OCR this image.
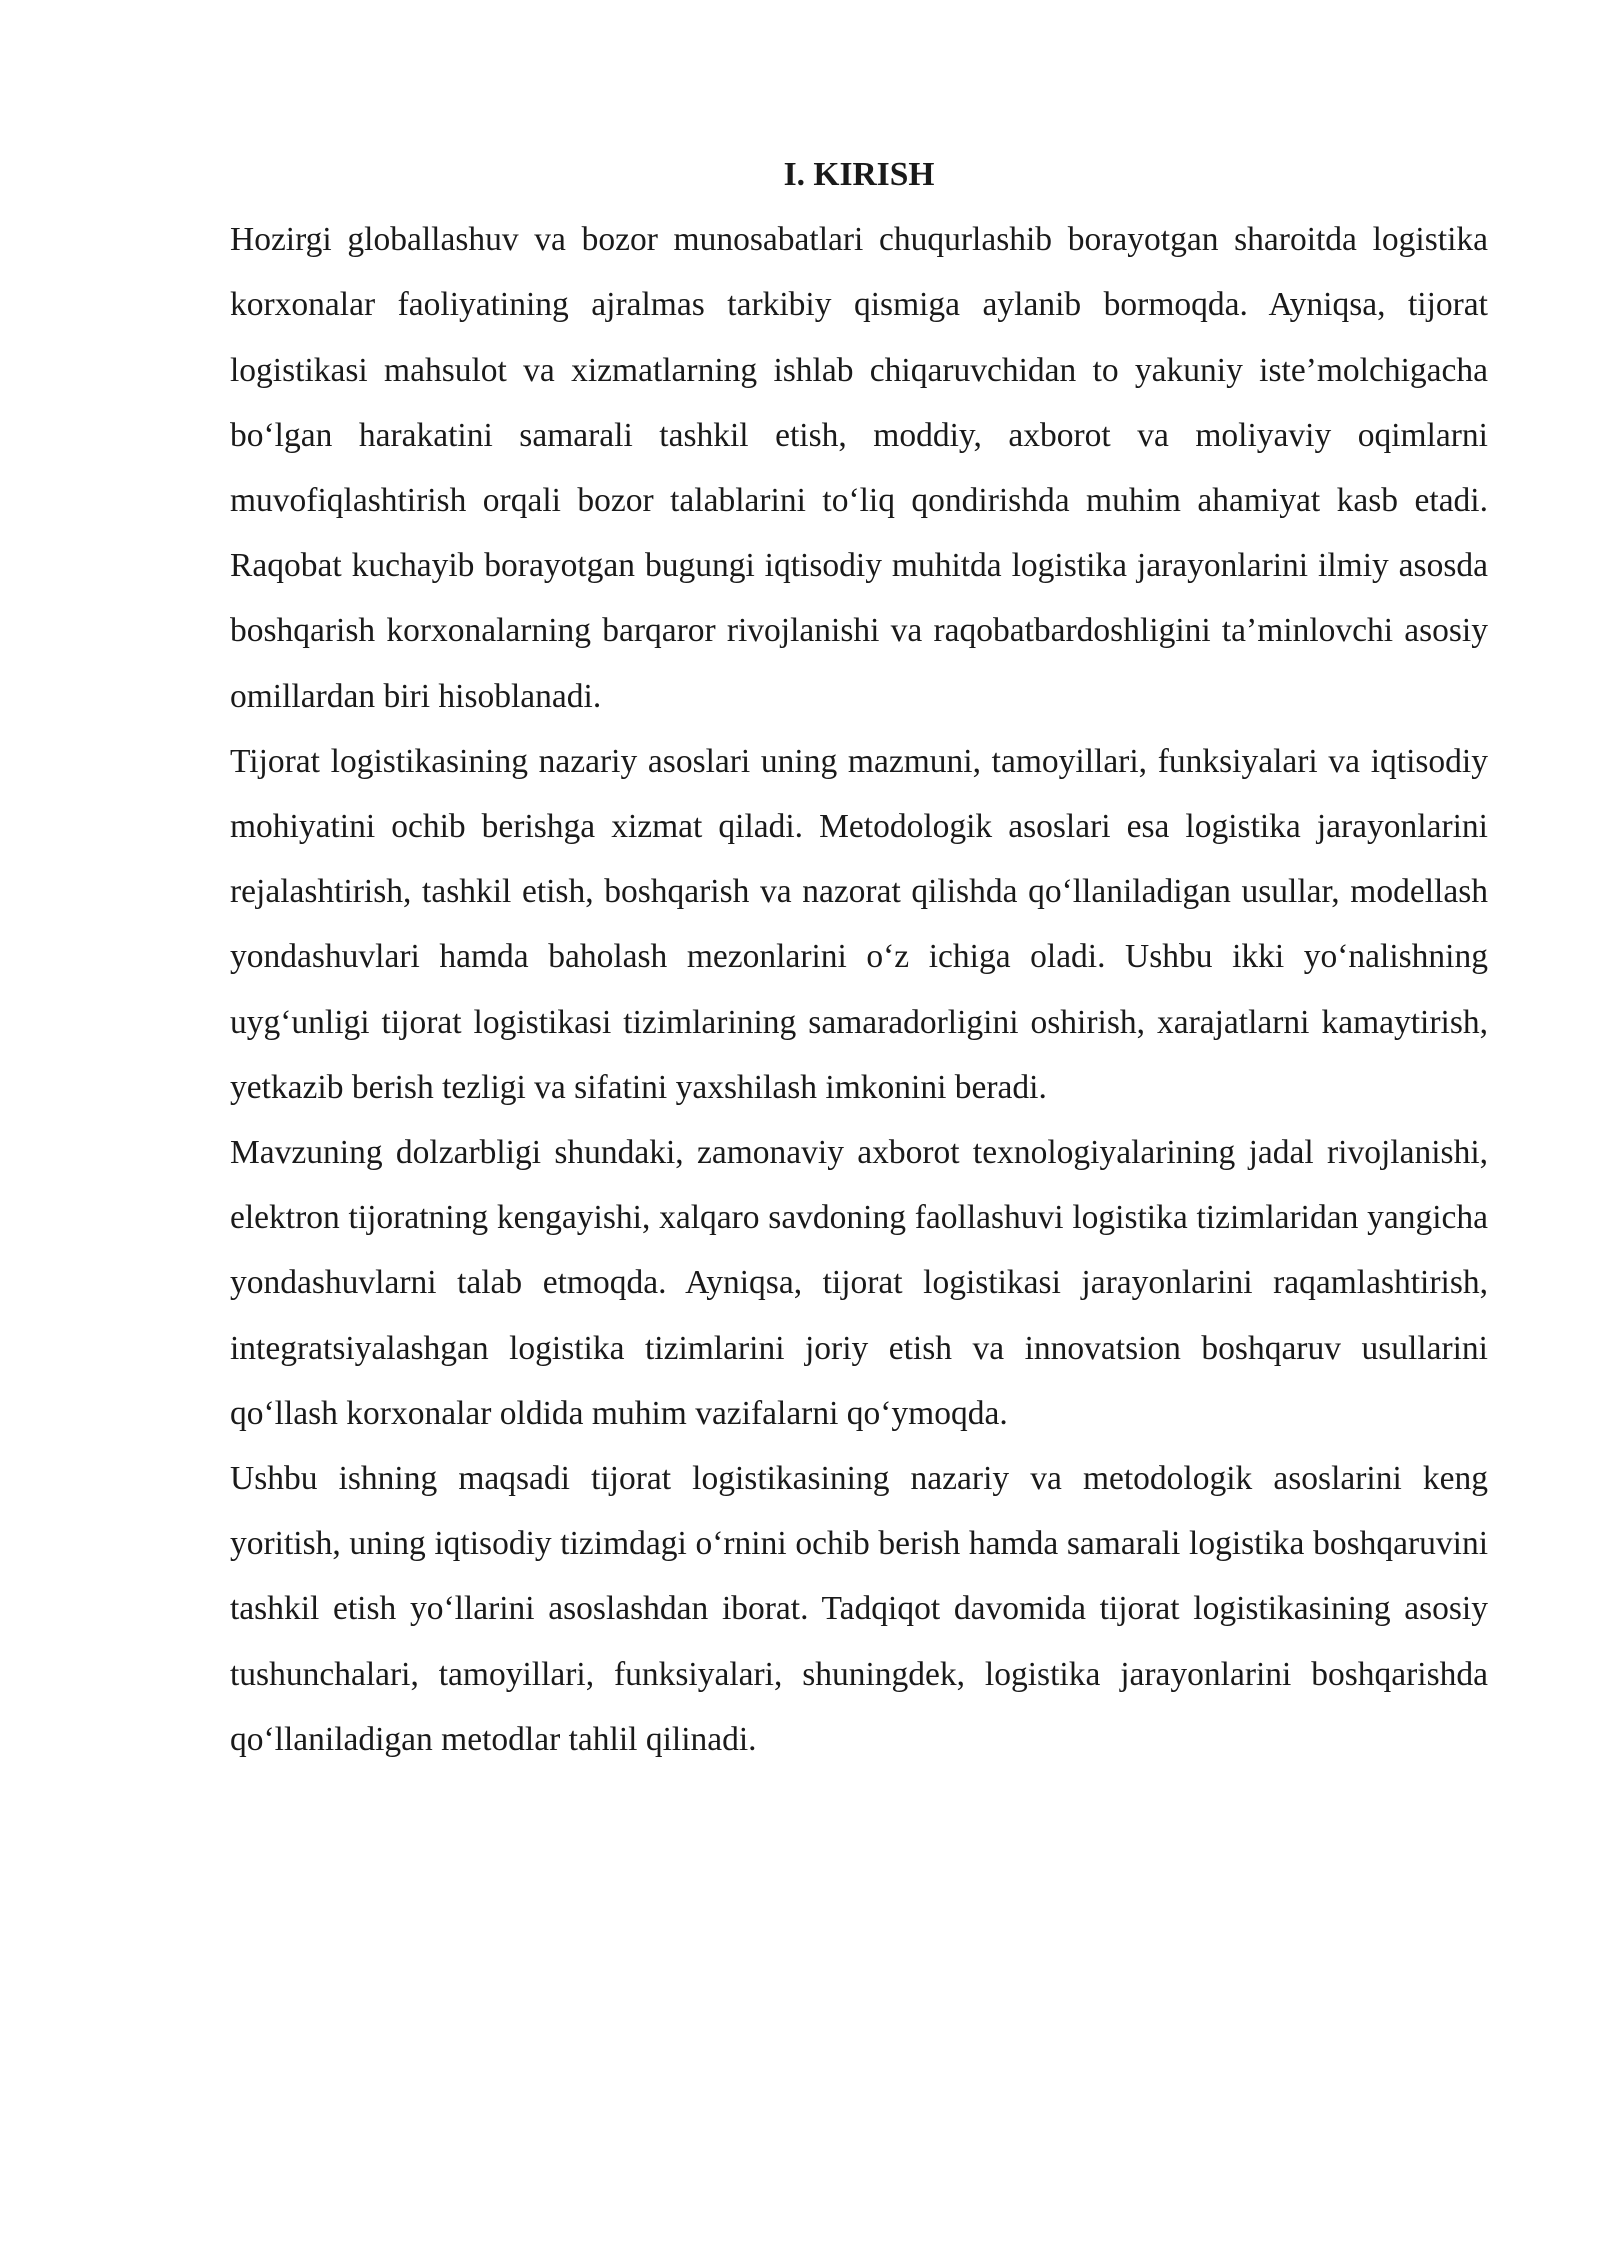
I. KIRISH

Hozirgi globallashuv va bozor munosabatlari chuqurlashib borayotgan sharoitda logistika korxonalar faoliyatining ajralmas tarkibiy qismiga aylanib bormoqda. Ayniqsa, tijorat logistikasi mahsulot va xizmatlarning ishlab chiqaruvchidan to yakuniy iste’molchigacha bo‘lgan harakatini samarali tashkil etish, moddiy, axborot va moliyaviy oqimlarni muvofiqlashtirish orqali bozor talablarini to‘liq qondirishda muhim ahamiyat kasb etadi. Raqobat kuchayib borayotgan bugungi iqtisodiy muhitda logistika jarayonlarini ilmiy asosda boshqarish korxonalarning barqaror rivojlanishi va raqobatbardoshligini ta’minlovchi asosiy omillardan biri hisoblanadi.

Tijorat logistikasining nazariy asoslari uning mazmuni, tamoyillari, funksiyalari va iqtisodiy mohiyatini ochib berishga xizmat qiladi. Metodologik asoslari esa logistika jarayonlarini rejalashtirish, tashkil etish, boshqarish va nazorat qilishda qo‘llaniladigan usullar, modellash yondashuvlari hamda baholash mezonlarini o‘z ichiga oladi. Ushbu ikki yo‘nalishning uyg‘unligi tijorat logistikasi tizimlarining samaradorligini oshirish, xarajatlarni kamaytirish, yetkazib berish tezligi va sifatini yaxshilash imkonini beradi.

Mavzuning dolzarbligi shundaki, zamonaviy axborot texnologiyalarining jadal rivojlanishi, elektron tijoratning kengayishi, xalqaro savdoning faollashuvi logistika tizimlaridan yangicha yondashuvlarni talab etmoqda. Ayniqsa, tijorat logistikasi jarayonlarini raqamlashtirish, integratsiyalashgan logistika tizimlarini joriy etish va innovatsion boshqaruv usullarini qo‘llash korxonalar oldida muhim vazifalarni qo‘ymoqda.

Ushbu ishning maqsadi tijorat logistikasining nazariy va metodologik asoslarini keng yoritish, uning iqtisodiy tizimdagi o‘rnini ochib berish hamda samarali logistika boshqaruvini tashkil etish yo‘llarini asoslashdan iborat. Tadqiqot davomida tijorat logistikasining asosiy tushunchalari, tamoyillari, funksiyalari, shuningdek, logistika jarayonlarini boshqarishda qo‘llaniladigan metodlar tahlil qilinadi.
